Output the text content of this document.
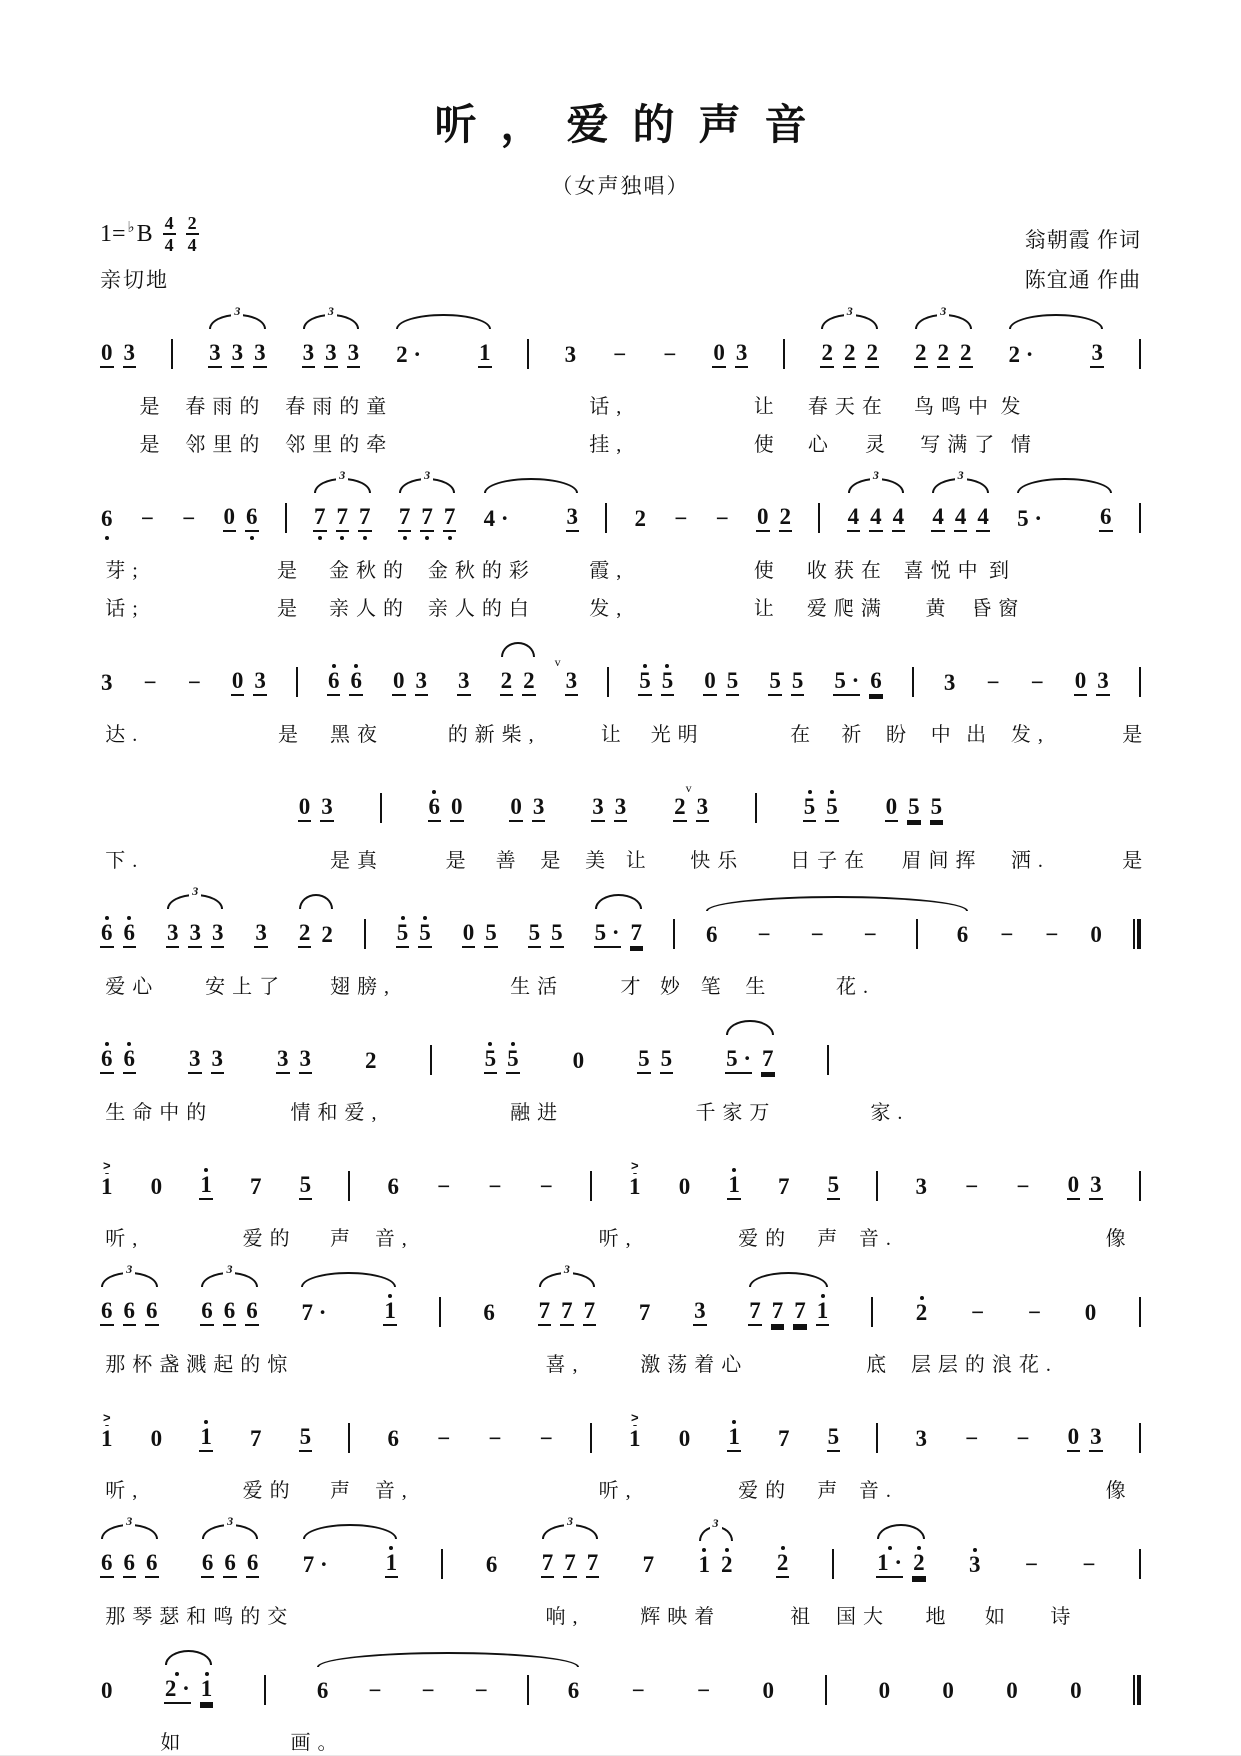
听，爱的声音
（女声独唱）
1=♭ B $\frac{4}{4} \frac{2}{4}$	翁朝霞 作词
亲切地	陈宜通 作曲
0 3	3 3 3
3 3 3 3
3 2 ·	1	3 − − 0 3	2 2 2
3 2 2 2
3 2 ·	3
是 春雨的 春雨的童	话,	让 春天在 鸟鸣中 发
是 邻里的 邻里的牵	挂,	使 心 灵 写满了 情
6 − − 0 6 7 7 7
3 7 7 7
3 4 ·	3 2 − − 0 2 4 4 4
3 4 4 4
3 5 ·	6
芽;	是 金秋的 金秋的彩	霞,	使 收获在 喜悦中 到
话;	是 亲人的 亲人的白	发,	让 爱爬满 黄 昏窗
3 − − 0 3	6 6 0 3 3 2 2 v 3	5 5 0 5 5 5 5 · 6	3 − − 0 3
达.	是 黑夜	的新柴,	让 光明	在 祈 盼 中 出 发,	是
0 3	6 0 0 3 3 3 2 v 3	5 5 0 5 5
下.	是真	是 善 是 美 让 快乐 日子在 眉间挥 洒.	是
6 6 3 3 3
3 3 2 2	5 5 0 5 5 5 5 · 7	6 − − −	6 − − 0
爱心 安上了 翅膀,	生活	才 妙 笔 生	花.
6 6 3 3 3 3 2	5 5 0 5 5 5 · 7
生命中的	情和爱,	融进	千家万	家.
>
1 0 1 7 5	6 − − −
>
1 0 1 7 5	3 − − 0 3
听,	爱的 声 音,	听,	爱的 声 音.	像
6 6 6
3 6 6 6
3 7 ·	1	6 7 7 7
3 7 3 7 7 7 1	2 − − 0
那杯盏溅起的惊	喜,	激荡着心	底 层层的浪花.
>
1 0 1 7 5	6 − − −
>
1 0 1 7 5	3 − − 0 3
听,	爱的 声 音,	听,	爱的 声 音.	像
6 6 6
3 6 6 6
3 7 ·	1	6 7 7 7
3 7 1 2
3 2	1 · 2 3 − −
那琴瑟和鸣的交	响,	辉映着	祖 国大 地 如 诗
0 2 · 1	6 − − −	6 − − 0	0 0 0 0
如	画。
